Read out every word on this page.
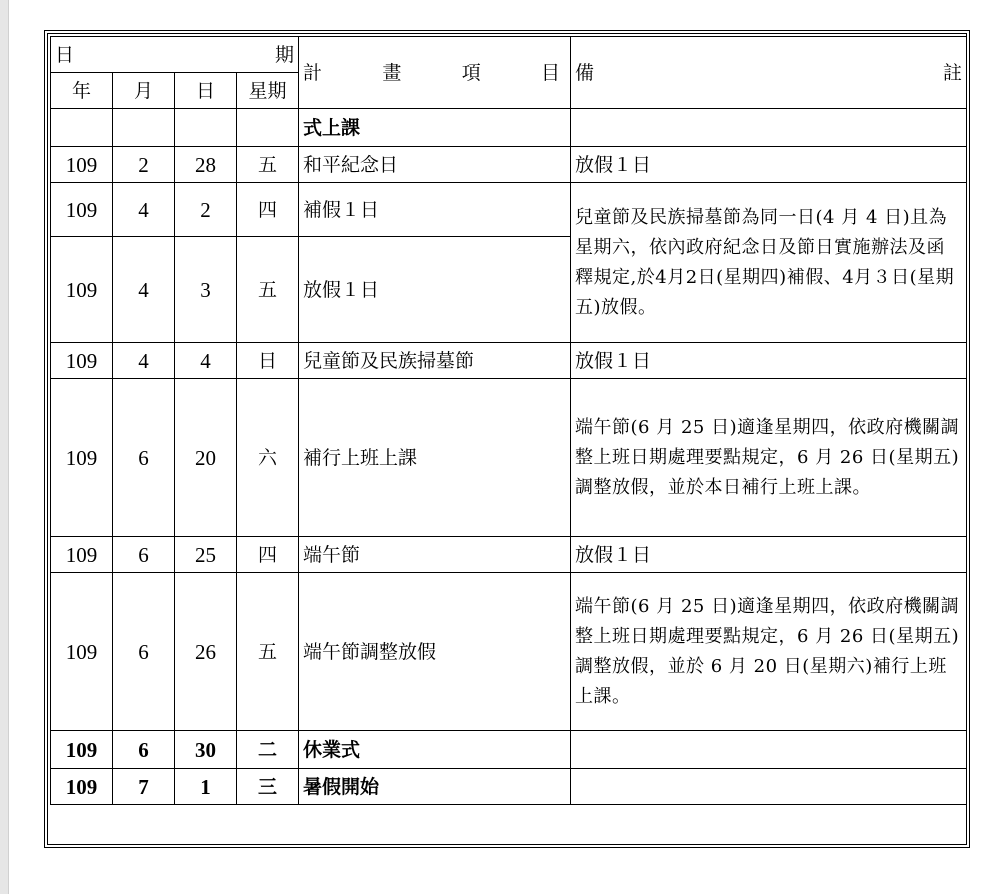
日 期				計 畫 項 目	備 註

年	月	日	星期		
				式上課	
109	2	28	五	和平紀念日	放假１日
109	4	2	四	補假１日	兒童節及民族掃墓節為同一日(4 月 4 日)且為星期六，依內政府紀念日及節日實施辦法及函釋規定,於4月2日(星期四)補假、4月３日(星期五)放假。
109	4	3	五	放假１日	
109	4	4	日	兒童節及民族掃墓節	放假１日
109	6	20	六	補行上班上課	端午節(6 月 25 日)適逢星期四，依政府機關調整上班日期處理要點規定，6 月 26 日(星期五)調整放假，並於本日補行上班上課。
109	6	25	四	端午節	放假１日
109	6	26	五	端午節調整放假	端午節(6 月 25 日)適逢星期四，依政府機關調整上班日期處理要點規定，6 月 26 日(星期五)調整放假，並於 6 月 20 日(星期六)補行上班上課。
109	6	30	二	休業式	
109	7	1	三	暑假開始	
